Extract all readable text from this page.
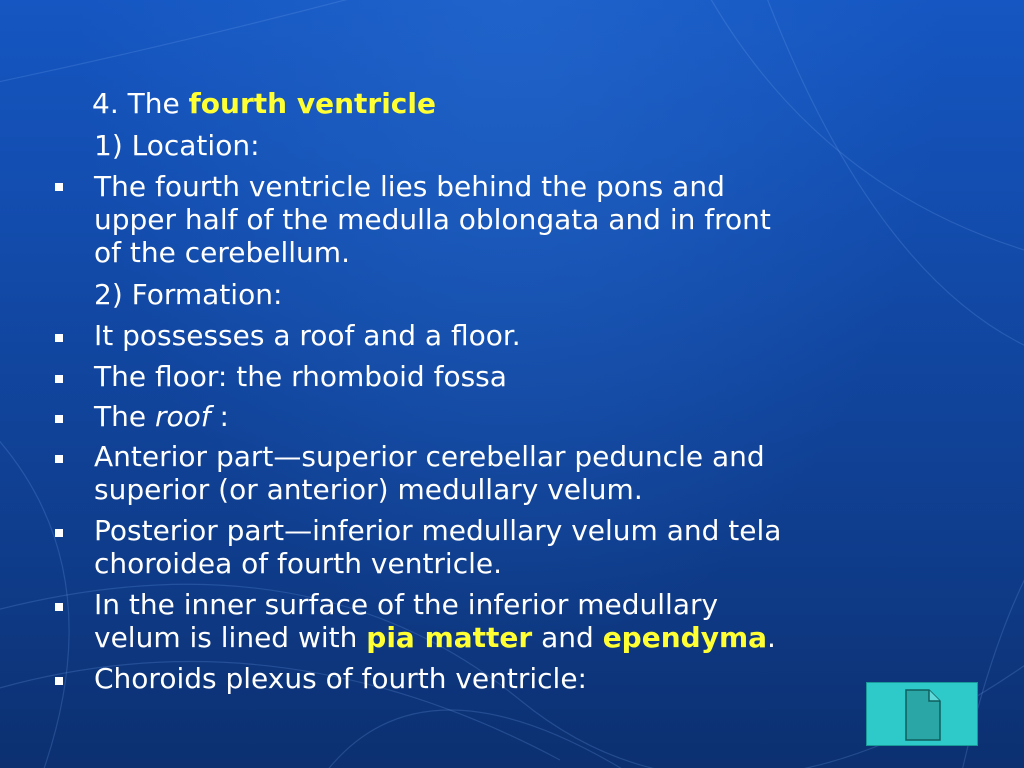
4. The fourth ventricle
1) Location:
The fourth ventricle lies behind the pons and
upper half of the medulla oblongata and in front
of the cerebellum.
2) Formation:
It possesses a roof and a floor.
The floor: the rhomboid fossa
The roof :
Anterior part—superior cerebellar peduncle and
superior (or anterior) medullary velum.
Posterior part—inferior medullary velum and tela
choroidea of fourth ventricle.
In the inner surface of the inferior medullary
velum is lined with pia matter and ependyma.
Choroids plexus of fourth ventricle:
